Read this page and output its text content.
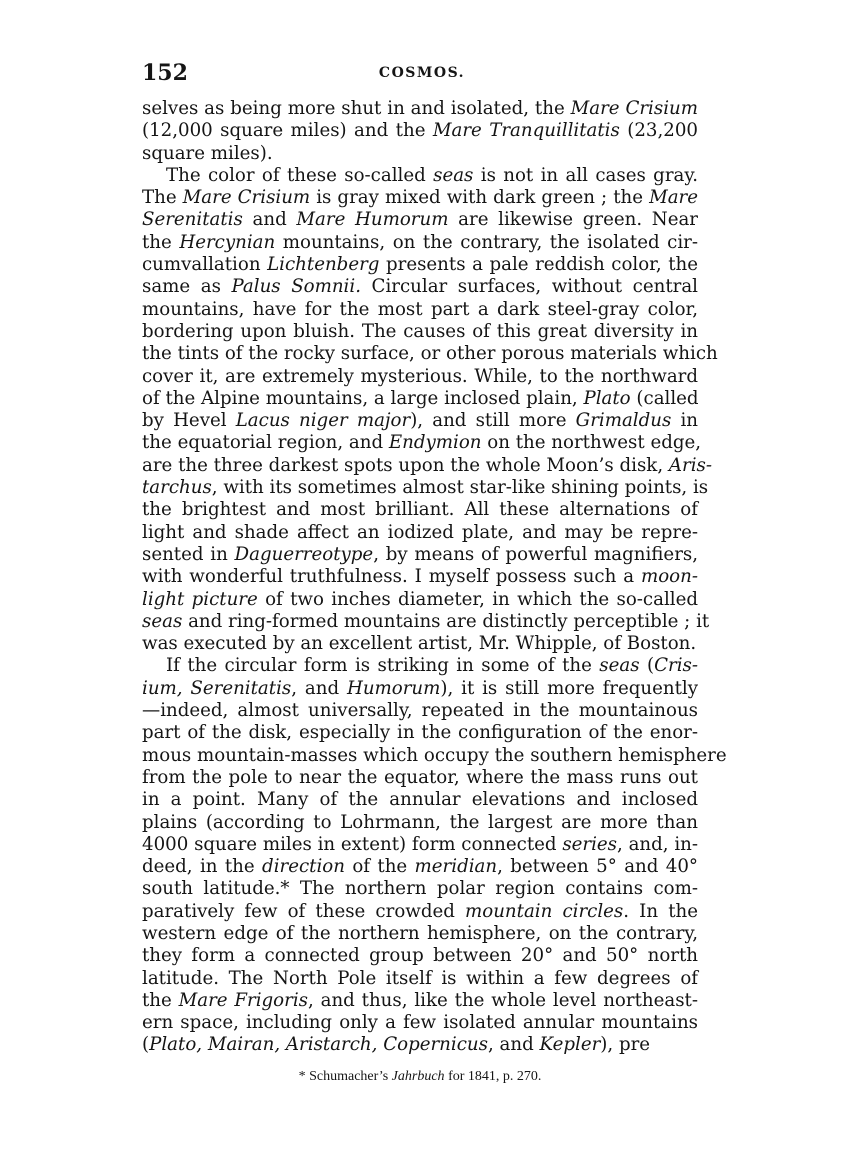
152	COSMOS.
selves as being more shut in and isolated, the Mare Crisium
(12,000 square miles) and the Mare Tranquillitatis (23,200
square miles).
The color of these so-called seas is not in all cases gray.
The Mare Crisium is gray mixed with dark green ; the Mare
Serenitatis and Mare Humorum are likewise green. Near
the Hercynian mountains, on the contrary, the isolated cir-
cumvallation Lichtenberg presents a pale reddish color, the
same as Palus Somnii. Circular surfaces, without central
mountains, have for the most part a dark steel-gray color,
bordering upon bluish. The causes of this great diversity in
the tints of the rocky surface, or other porous materials which
cover it, are extremely mysterious. While, to the northward
of the Alpine mountains, a large inclosed plain, Plato (called
by Hevel Lacus niger major), and still more Grimaldus in
the equatorial region, and Endymion on the northwest edge,
are the three darkest spots upon the whole Moon’s disk, Aris-
tarchus, with its sometimes almost star-like shining points, is
the brightest and most brilliant. All these alternations of
light and shade affect an iodized plate, and may be repre-
sented in Daguerreotype, by means of powerful magnifiers,
with wonderful truthfulness. I myself possess such a moon-
light picture of two inches diameter, in which the so-called
seas and ring-formed mountains are distinctly perceptible ; it
was executed by an excellent artist, Mr. Whipple, of Boston.
If the circular form is striking in some of the seas (Cris-
ium, Serenitatis, and Humorum), it is still more frequently
—indeed, almost universally, repeated in the mountainous
part of the disk, especially in the configuration of the enor-
mous mountain-masses which occupy the southern hemisphere
from the pole to near the equator, where the mass runs out
in a point. Many of the annular elevations and inclosed
plains (according to Lohrmann, the largest are more than
4000 square miles in extent) form connected series, and, in-
deed, in the direction of the meridian, between 5° and 40°
south latitude.* The northern polar region contains com-
paratively few of these crowded mountain circles. In the
western edge of the northern hemisphere, on the contrary,
they form a connected group between 20° and 50° north
latitude. The North Pole itself is within a few degrees of
the Mare Frigoris, and thus, like the whole level northeast-
ern space, including only a few isolated annular mountains
(Plato, Mairan, Aristarch, Copernicus, and Kepler), pre
* Schumacher’s Jahrbuch for 1841, p. 270.
